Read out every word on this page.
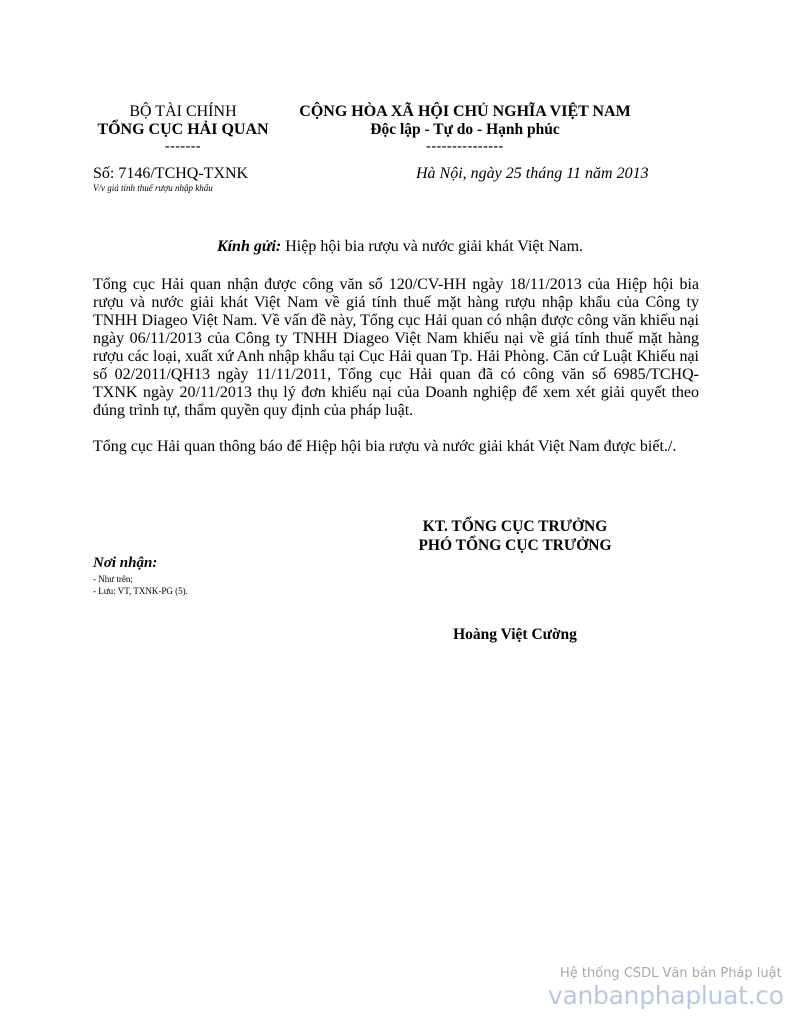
BỘ TÀI CHÍNH
TỔNG CỤC HẢI QUAN
-------
CỘNG HÒA XÃ HỘI CHỦ NGHĨA VIỆT NAM
Độc lập - Tự do - Hạnh phúc
---------------
Số: 7146/TCHQ-TXNK
V/v giá tính thuế rượu nhập khẩu
Hà Nội, ngày 25 tháng 11 năm 2013
Kính gửi: Hiệp hội bia rượu và nước giải khát Việt Nam.
Tổng cục Hải quan nhận được công văn số 120/CV-HH ngày 18/11/2013 của Hiệp hội bia rượu và nước giải khát Việt Nam về giá tính thuế mặt hàng rượu nhập khẩu của Công ty TNHH Diageo Việt Nam. Về vấn đề này, Tổng cục Hải quan có nhận được công văn khiếu nại ngày 06/11/2013 của Công ty TNHH Diageo Việt Nam khiếu nại về giá tính thuế mặt hàng rượu các loại, xuất xứ Anh nhập khẩu tại Cục Hải quan Tp. Hải Phòng. Căn cứ Luật Khiếu nại số 02/2011/QH13 ngày 11/11/2011, Tổng cục Hải quan đã có công văn số 6985/TCHQ-TXNK ngày 20/11/2013 thụ lý đơn khiếu nại của Doanh nghiệp để xem xét giải quyết theo đúng trình tự, thẩm quyền quy định của pháp luật.
Tổng cục Hải quan thông báo để Hiệp hội bia rượu và nước giải khát Việt Nam được biết./.
KT. TỔNG CỤC TRƯỞNG
PHÓ TỔNG CỤC TRƯỞNG
Nơi nhận:
- Như trên;
- Lưu: VT, TXNK-PG (5).
Hoàng Việt Cường
Hệ thống CSDL Văn bản Pháp luật
vanbanphapluat.co
